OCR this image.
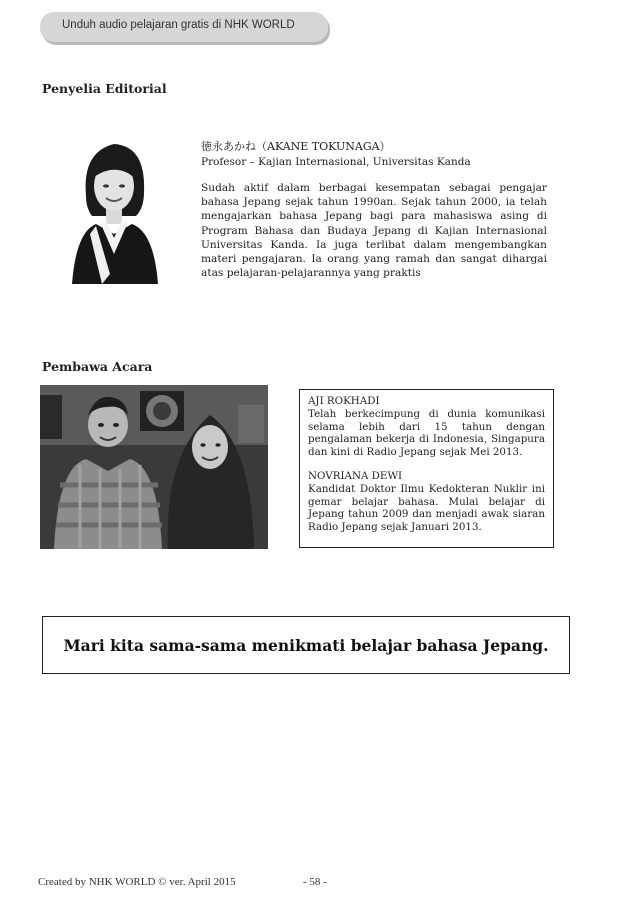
Unduh audio pelajaran gratis di NHK WORLD
Penyelia Editorial
徳永あかね（AKANE TOKUNAGA）
Profesor – Kajian Internasional, Universitas Kanda
Sudah aktif dalam berbagai kesempatan sebagai pengajar bahasa Jepang sejak tahun 1990an. Sejak tahun 2000, ia telah mengajarkan bahasa Jepang bagi para mahasiswa asing di Program Bahasa dan Budaya Jepang di Kajian Internasional Universitas Kanda. Ia juga terlibat dalam mengembangkan materi pengajaran. Ia orang yang ramah dan sangat dihargai atas pelajaran-pelajarannya yang praktis
Pembawa Acara

AJI ROKHADI

Telah berkecimpung di dunia komunikasi selama lebih dari 15 tahun dengan pengalaman bekerja di Indonesia, Singapura dan kini di Radio Jepang sejak Mei 2013.

NOVRIANA DEWI

Kandidat Doktor Ilmu Kedokteran Nuklir ini gemar belajar bahasa. Mulai belajar di Jepang tahun 2009 dan menjadi awak siaran Radio Jepang sejak Januari 2013.

Mari kita sama-sama menikmati belajar bahasa Jepang.
Created by NHK WORLD © ver. April 2015	- 58 -
